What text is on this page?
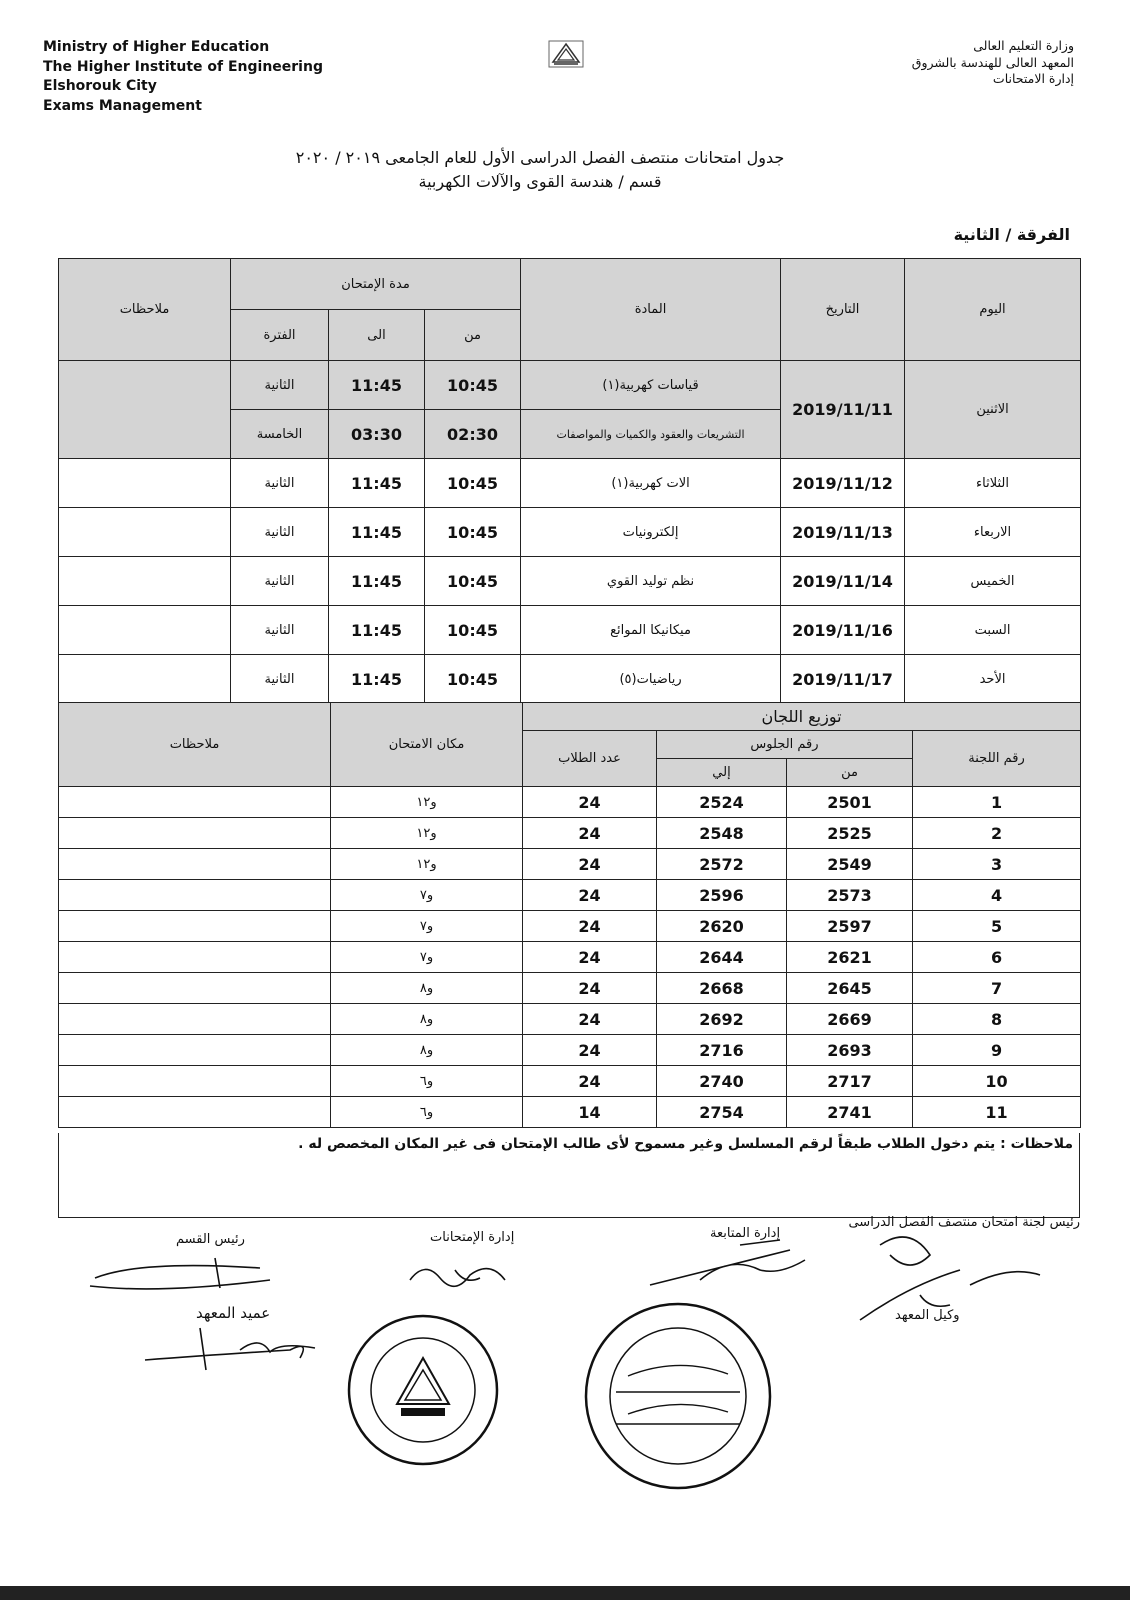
Ministry of Higher Education
The Higher Institute of Engineering
Elshorouk City
Exams Management
وزارة التعليم العالى
المعهد العالى للهندسة بالشروق
إدارة الامتحانات
جدول امتحانات منتصف الفصل الدراسى الأول للعام الجامعى ٢٠١٩ / ٢٠٢٠
قسم / هندسة القوى والآلات الكهربية
الفرقة / الثانية
ملاحظات	مدة الإمتحان			المادة	التاريخ	اليوم
	الفترة	الى	من			
	الثانية	11:45	10:45	قياسات كهربية(١)	2019/11/11	الاثنين
	الخامسة	03:30	02:30	التشريعات والعقود والكميات والمواصفات		
	الثانية	11:45	10:45	الات كهربية(١)	2019/11/12	الثلاثاء
	الثانية	11:45	10:45	إلكترونيات	2019/11/13	الاربعاء
	الثانية	11:45	10:45	نظم توليد القوي	2019/11/14	الخميس
	الثانية	11:45	10:45	ميكانيكا الموائع	2019/11/16	السبت
	الثانية	11:45	10:45	رياضيات(٥)	2019/11/17	الأحد
ملاحظات	مكان الامتحان	توزيع اللجان			
		عدد الطلاب	رقم الجلوس		رقم اللجنة
			إلي	من	
	و١٢	24	2524	2501	1
	و١٢	24	2548	2525	2
	و١٢	24	2572	2549	3
	و٧	24	2596	2573	4
	و٧	24	2620	2597	5
	و٧	24	2644	2621	6
	و٨	24	2668	2645	7
	و٨	24	2692	2669	8
	و٨	24	2716	2693	9
	و٦	24	2740	2717	10
	و٦	14	2754	2741	11
ملاحظات : يتم دخول الطلاب طبقاً لرقم المسلسل وغير مسموح لأى طالب الإمتحان فى غير المكان المخصص له .
رئيس لجنة امتحان منتصف الفصل الدراسى
إدارة المتابعة
إدارة الإمتحانات
رئيس القسم
عميد المعهد	وكيل المعهد
